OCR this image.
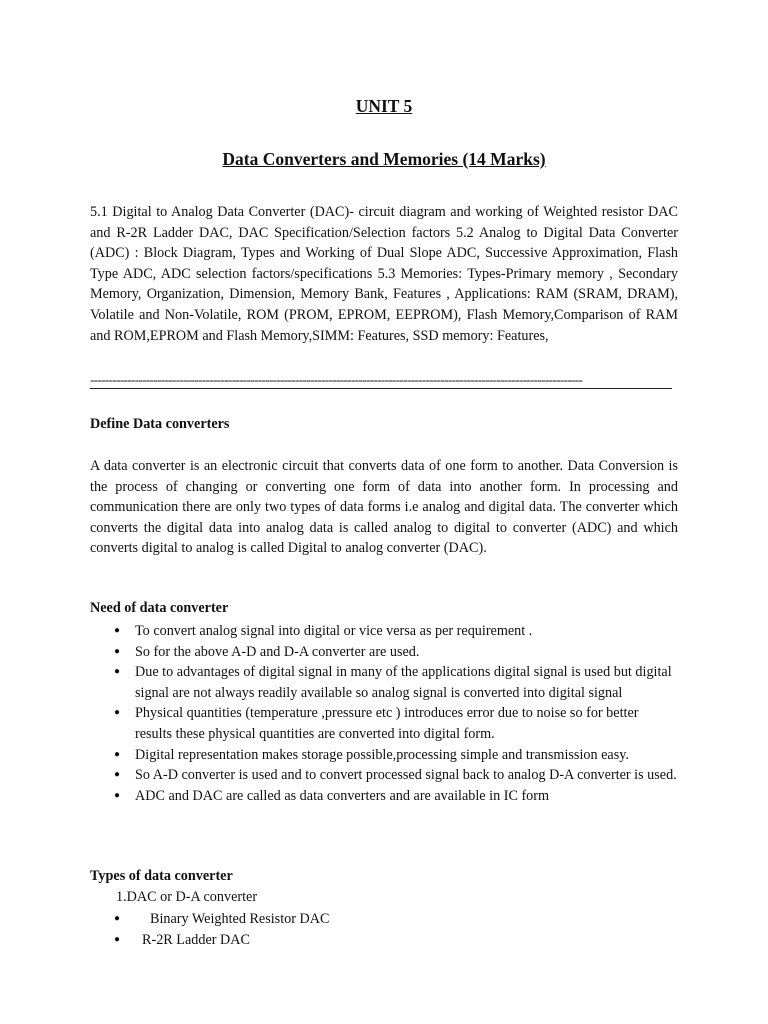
UNIT 5
Data Converters and Memories (14 Marks)
5.1 Digital to Analog Data Converter (DAC)- circuit diagram and working of Weighted resistor DAC and R-2R Ladder DAC, DAC Specification/Selection factors 5.2 Analog to Digital Data Converter (ADC) : Block Diagram, Types and Working of Dual Slope ADC, Successive Approximation, Flash Type ADC, ADC selection factors/specifications 5.3 Memories: Types-Primary memory , Secondary Memory, Organization, Dimension, Memory Bank, Features , Applications: RAM (SRAM, DRAM), Volatile and Non-Volatile, ROM (PROM, EPROM, EEPROM), Flash Memory,Comparison of RAM and ROM,EPROM and Flash Memory,SIMM: Features, SSD memory: Features,
------------------------------------------------------------------------------------------------------------------------------------
Define Data converters
A data converter is an electronic circuit that converts data of one form to another. Data Conversion is the process of changing or converting one form of data into another form. In processing and communication there are only two types of data forms i.e analog and digital data. The converter which converts the digital data into analog data is called analog to digital to converter (ADC) and which converts digital to analog is called Digital to analog converter (DAC).
Need of data converter
● To convert analog signal into digital or vice versa as per requirement .
● So for the above A-D and D-A converter are used.
● Due to advantages of digital signal in many of the applications digital signal is used but digital signal are not always readily available so analog signal is converted into digital signal
● Physical quantities (temperature ,pressure etc ) introduces error due to noise so for better results these physical quantities are converted into digital form.
● Digital representation makes storage possible,processing simple and transmission easy.
● So A-D converter is used and to convert processed signal back to analog D-A converter is used.
● ADC and DAC are called as data converters and are available in IC form
Types of data converter
1.DAC or D-A converter
● Binary Weighted Resistor DAC
● R-2R Ladder DAC
